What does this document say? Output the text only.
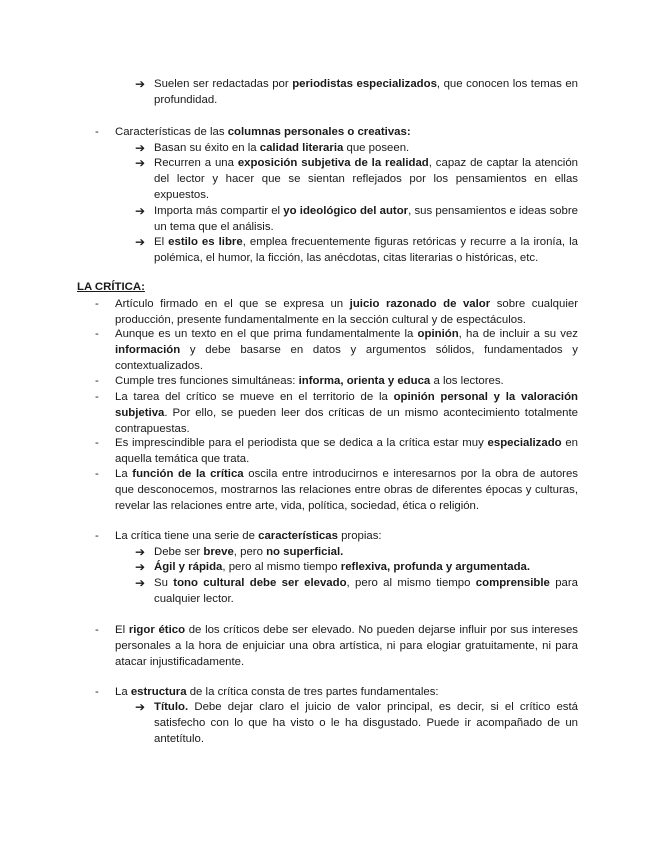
➔ Suelen ser redactadas por periodistas especializados, que conocen los temas en profundidad.
-	Características de las columnas personales o creativas:
➔ Basan su éxito en la calidad literaria que poseen.
➔ Recurren a una exposición subjetiva de la realidad, capaz de captar la atención del lector y hacer que se sientan reflejados por los pensamientos en ellas expuestos.
➔ Importa más compartir el yo ideológico del autor, sus pensamientos e ideas sobre un tema que el análisis.
➔ El estilo es libre, emplea frecuentemente figuras retóricas y recurre a la ironía, la polémica, el humor, la ficción, las anécdotas, citas literarias o históricas, etc.
LA CRÍTICA:
-	Artículo firmado en el que se expresa un juicio razonado de valor sobre cualquier producción, presente fundamentalmente en la sección cultural y de espectáculos.
-	Aunque es un texto en el que prima fundamentalmente la opinión, ha de incluir a su vez información y debe basarse en datos y argumentos sólidos, fundamentados y contextualizados.
-	Cumple tres funciones simultáneas: informa, orienta y educa a los lectores.
-	La tarea del crítico se mueve en el territorio de la opinión personal y la valoración subjetiva. Por ello, se pueden leer dos críticas de un mismo acontecimiento totalmente contrapuestas.
-	Es imprescindible para el periodista que se dedica a la crítica estar muy especializado en aquella temática que trata.
-	La función de la crítica oscila entre introducirnos e interesarnos por la obra de autores que desconocemos, mostrarnos las relaciones entre obras de diferentes épocas y culturas, revelar las relaciones entre arte, vida, política, sociedad, ética o religión.
-	La crítica tiene una serie de características propias:
➔ Debe ser breve, pero no superficial.
➔ Ágil y rápida, pero al mismo tiempo reflexiva, profunda y argumentada.
➔ Su tono cultural debe ser elevado, pero al mismo tiempo comprensible para cualquier lector.
-	El rigor ético de los críticos debe ser elevado. No pueden dejarse influir por sus intereses personales a la hora de enjuiciar una obra artística, ni para elogiar gratuitamente, ni para atacar injustificadamente.
-	La estructura de la crítica consta de tres partes fundamentales:
➔ Título. Debe dejar claro el juicio de valor principal, es decir, si el crítico está satisfecho con lo que ha visto o le ha disgustado. Puede ir acompañado de un antetítulo.
